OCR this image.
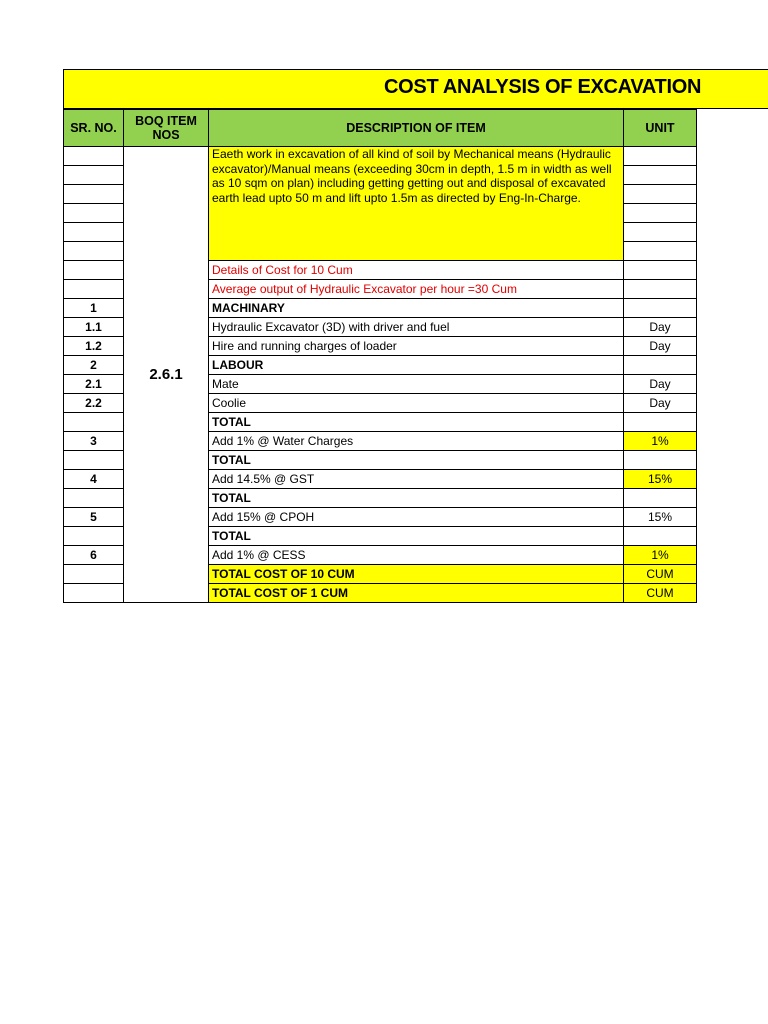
COST ANALYSIS OF EXCAVATION
SR. NO.	BOQ ITEM NOS	DESCRIPTION OF ITEM	UNIT
	2.6.1	Eaeth work in excavation of all kind of soil by Mechanical means (Hydraulic excavator)/Manual means (exceeding 30cm in depth, 1.5 m in width as well as 10 sqm on plan) including getting getting out and disposal of excavated earth lead upto 50 m and lift upto 1.5m as directed by Eng-In-Charge.	

		Details of Cost for 10 Cum	
		Average output of Hydraulic Excavator per hour =30 Cum	
1		MACHINARY	
1.1		Hydraulic Excavator (3D) with driver and fuel	Day
1.2		Hire and running charges of loader	Day
2		LABOUR	
2.1		Mate	Day
2.2		Coolie	Day
		TOTAL	
3		Add 1% @ Water Charges	1%
		TOTAL	
4		Add 14.5% @ GST	15%
		TOTAL	
5		Add 15% @ CPOH	15%
		TOTAL	
6		Add 1% @ CESS	1%
		TOTAL COST OF 10 CUM	CUM
		TOTAL COST OF 1 CUM	CUM
